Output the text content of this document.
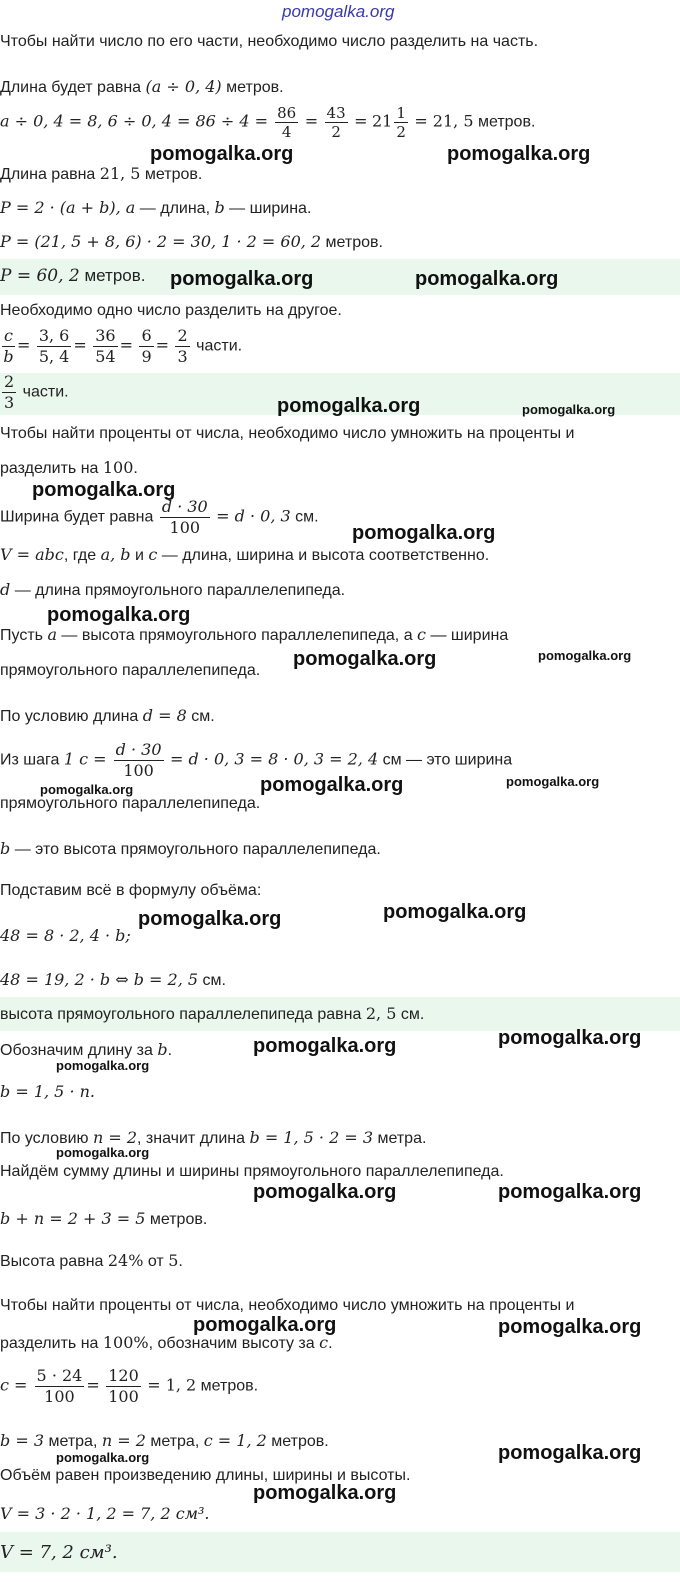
pomogalka.org
Чтобы найти число по его части, необходимо число разделить на часть.
Длина будет равна (a ÷ 0, 4) метров.
a ÷ 0, 4 = 8, 6 ÷ 0, $4 = 86 \div 4 = \frac{86}{4} = \frac{43}{2} = 21 \frac{1}{2} = 21$, 5 метров.
Длина равна 21, 5 метров.
P = 2 · (a + b), a — длина, b — ширина.
P = (21, 5 + 8, 6) · 2 = 30, 1 · 2 = 60, 2 метров.
P = 60, 2 метров.
Необходимо одно число разделить на другое.
$\frac{c}{b} = \frac{3, 6}{5, 4} = \frac{36}{54} = \frac{6}{9} = \frac{2}{3}$ части.
$\frac{2}{3}$ части.
Чтобы найти проценты от числа, необходимо число умножить на проценты и
разделить на 100.
Ширина будет равна $\frac{d \cdot 30}{100} = d \cdot 0$, 3 см.
V = abc, где a, b и c — длина, ширина и высота соответственно.
d — длина прямоугольного параллелепипеда.
Пусть a — высота прямоугольного параллелепипеда, а c — ширина
прямоугольного параллелепипеда.
По условию длина d = 8 см.
Из шага 1 $c = \frac{d \cdot 30}{100} = d \cdot 0$, 3 = 8 · 0, 3 = 2, 4 см — это ширина
прямоугольного параллелепипеда.
b — это высота прямоугольного параллелепипеда.
Подставим всё в формулу объёма:
48 = 8 · 2, 4 · b;
48 = 19, 2 · b ⇔ b = 2, 5 см.
высота прямоугольного параллелепипеда равна 2, 5 см.
Обозначим длину за b.
b = 1, 5 · n.
По условию n = 2, значит длина b = 1, 5 · 2 = 3 метра.
Найдём сумму длины и ширины прямоугольного параллелепипеда.
b + n = 2 + 3 = 5 метров.
Высота равна 24% от 5.
Чтобы найти проценты от числа, необходимо число умножить на проценты и
разделить на 100%, обозначим высоту за c.
$c = \frac{5 \cdot 24}{100} = \frac{120}{100} = 1$, 2 метров.
b = 3 метра, n = 2 метра, c = 1, 2 метров.
Объём равен произведению длины, ширины и высоты.
V = 3 · 2 · 1, 2 = 7, 2 см³.
V = 7, 2 см³.
pomogalka.org	pomogalka.org
pomogalka.org	pomogalka.org
pomogalka.org	pomogalka.org
pomogalka.org
pomogalka.org
pomogalka.org
pomogalka.org	pomogalka.org
pomogalka.org	pomogalka.org	pomogalka.org
pomogalka.org	pomogalka.org
pomogalka.org	pomogalka.org
pomogalka.org
pomogalka.org
pomogalka.org	pomogalka.org
pomogalka.org	pomogalka.org
pomogalka.org	pomogalka.org
pomogalka.org
